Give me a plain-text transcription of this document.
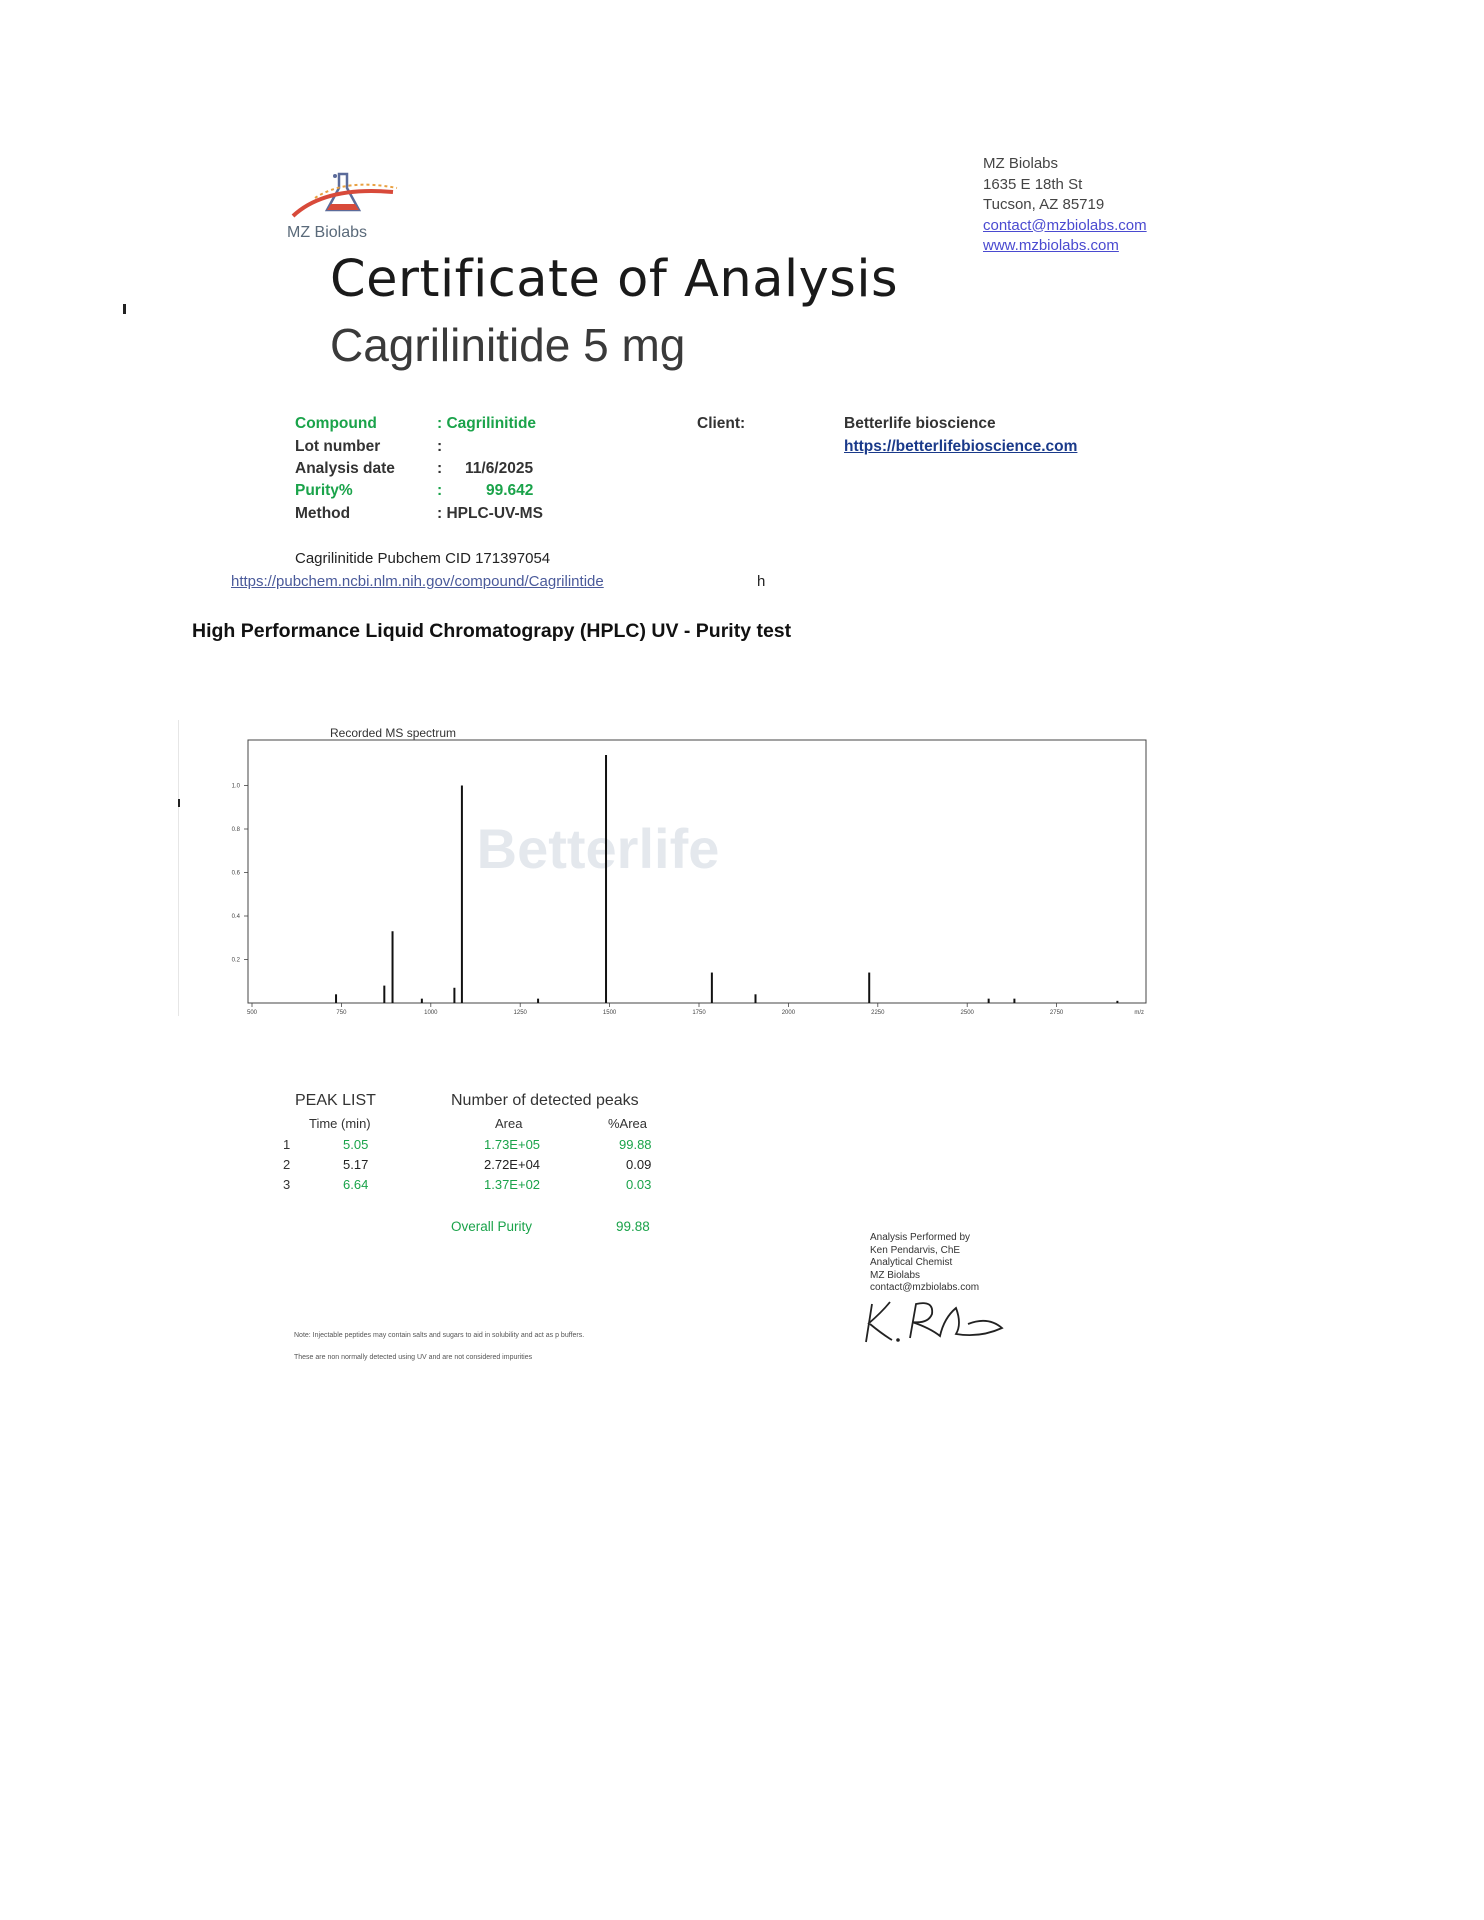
MZ Biolabs
MZ Biolabs
1635 E 18th St
Tucson, AZ 85719
contact@mzbiolabs.com
www.mzbiolabs.com
Certificate of Analysis
Cagrilinitide 5 mg
Compound	: Cagrilinitide
Lot number	:
Analysis date	: 11/6/2025
Purity%	:	99.642
Method	: HPLC-UV-MS
Client:	Betterlife bioscience
https://betterlifebioscience.com
Cagrilinitide Pubchem CID 171397054
https://pubchem.ncbi.nlm.nih.gov/compound/Cagrilintide	h
High Performance Liquid Chromatograpy (HPLC) UV - Purity test
Betterlife
Recorded MS spectrum
500	750	1000	1250	1500	1750	2000	2250	2500	2750	m/z
0.2
0.4
0.6
0.8
1.0
PEAK LIST	Number of detected peaks
Time (min)	Area	%Area
1	5.05	1.73E+05	99.88
2	5.17	2.72E+04	0.09
3	6.64	1.37E+02	0.03
Overall Purity	99.88
Analysis Performed by
Ken Pendarvis, ChE
Analytical Chemist
MZ Biolabs
contact@mzbiolabs.com
Note: Injectable peptides may contain salts and sugars to aid in solubility and act as p buffers.
These are non normally detected using UV and are not considered impurities
